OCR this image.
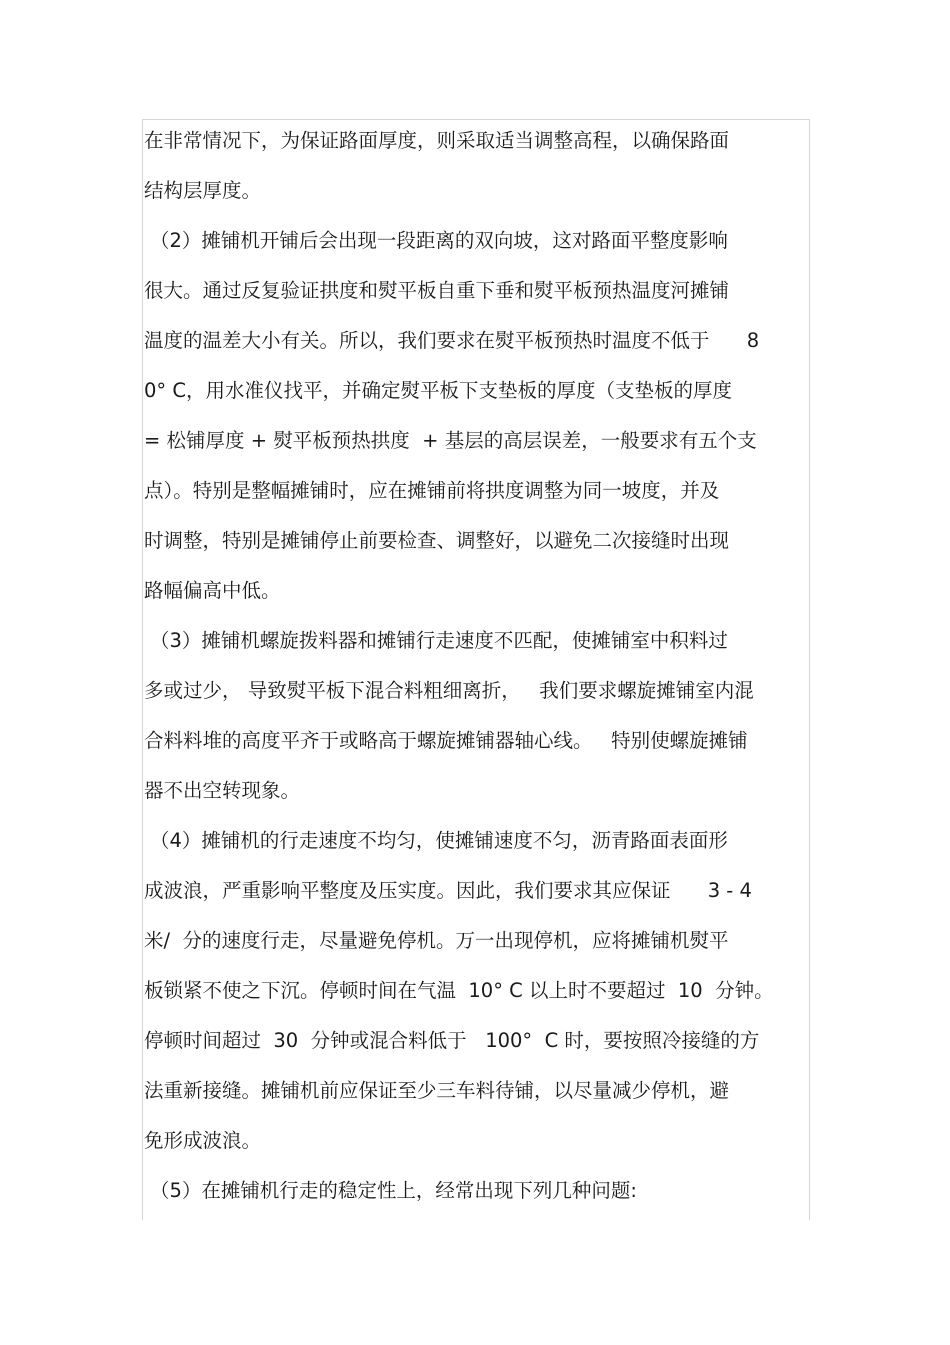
在非常情况下，为保证路面厚度，则采取适当调整高程，以确保路面
结构层厚度。
（2）摊铺机开铺后会出现一段距离的双向坡，这对路面平整度影响
很大。通过反复验证拱度和熨平板自重下垂和熨平板预热温度河摊铺
温度的温差大小有关。所以，我们要求在熨平板预热时温度不低于      8
0° C，用水准仪找平，并确定熨平板下支垫板的厚度（支垫板的厚度
= 松铺厚度 + 熨平板预热拱度  + 基层的高层误差，一般要求有五个支
点）。特别是整幅摊铺时，应在摊铺前将拱度调整为同一坡度，并及
时调整，特别是摊铺停止前要检查、调整好，以避免二次接缝时出现
路幅偏高中低。
（3）摊铺机螺旋拨料器和摊铺行走速度不匹配，使摊铺室中积料过
多或过少， 导致熨平板下混合料粗细离折，   我们要求螺旋摊铺室内混
合料料堆的高度平齐于或略高于螺旋摊铺器轴心线。   特别使螺旋摊铺
器不出空转现象。
（4）摊铺机的行走速度不均匀，使摊铺速度不匀，沥青路面表面形
成波浪，严重影响平整度及压实度。因此，我们要求其应保证      3 - 4
米/  分的速度行走，尽量避免停机。万一出现停机，应将摊铺机熨平
板锁紧不使之下沉。停顿时间在气温  10° C 以上时不要超过  10  分钟。
停顿时间超过  30  分钟或混合料低于   100°  C 时，要按照冷接缝的方
法重新接缝。摊铺机前应保证至少三车料待铺，以尽量减少停机，避
免形成波浪。
（5）在摊铺机行走的稳定性上，经常出现下列几种问题:
